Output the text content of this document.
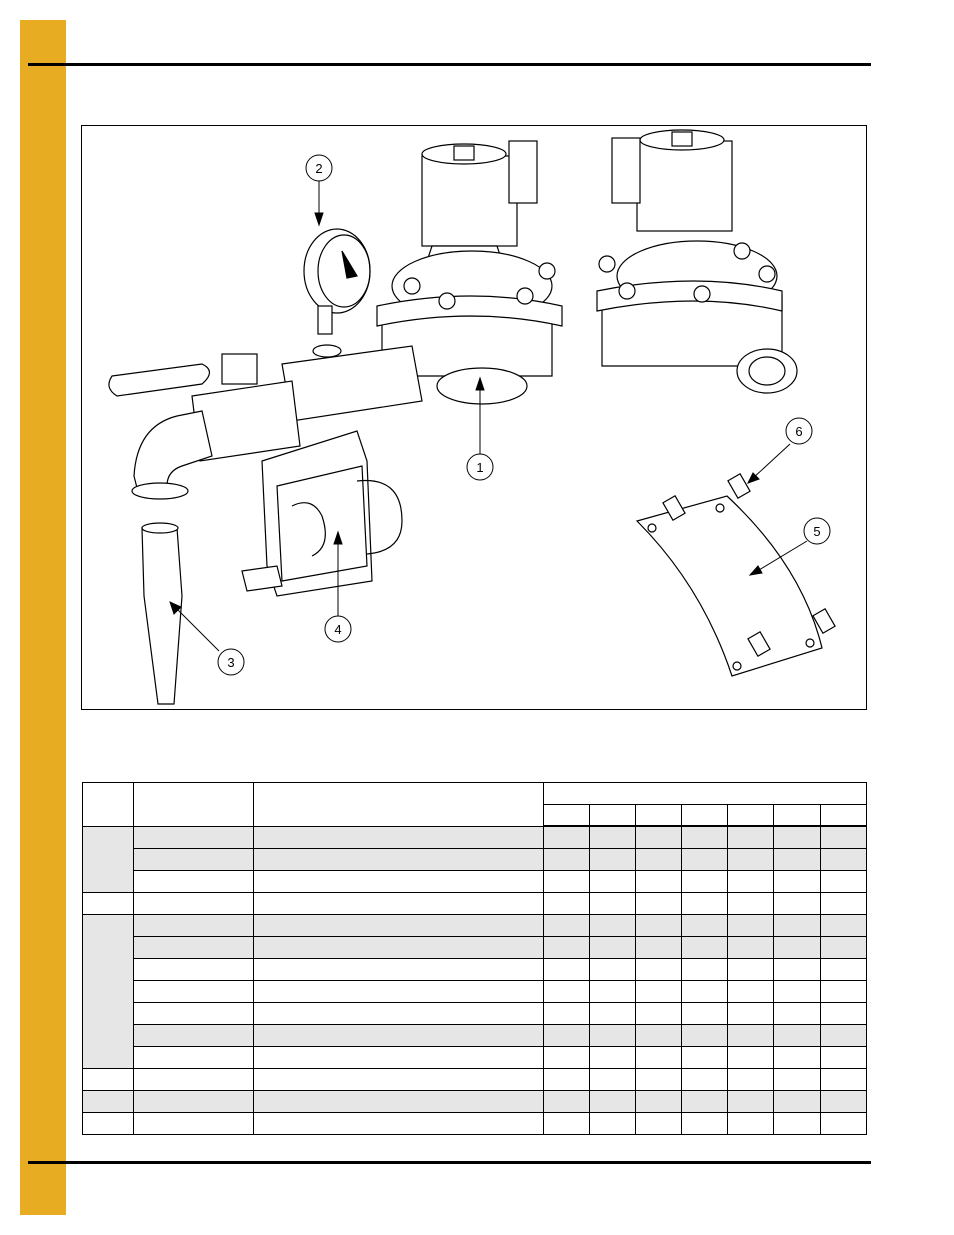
1
2
3
4
5
6
